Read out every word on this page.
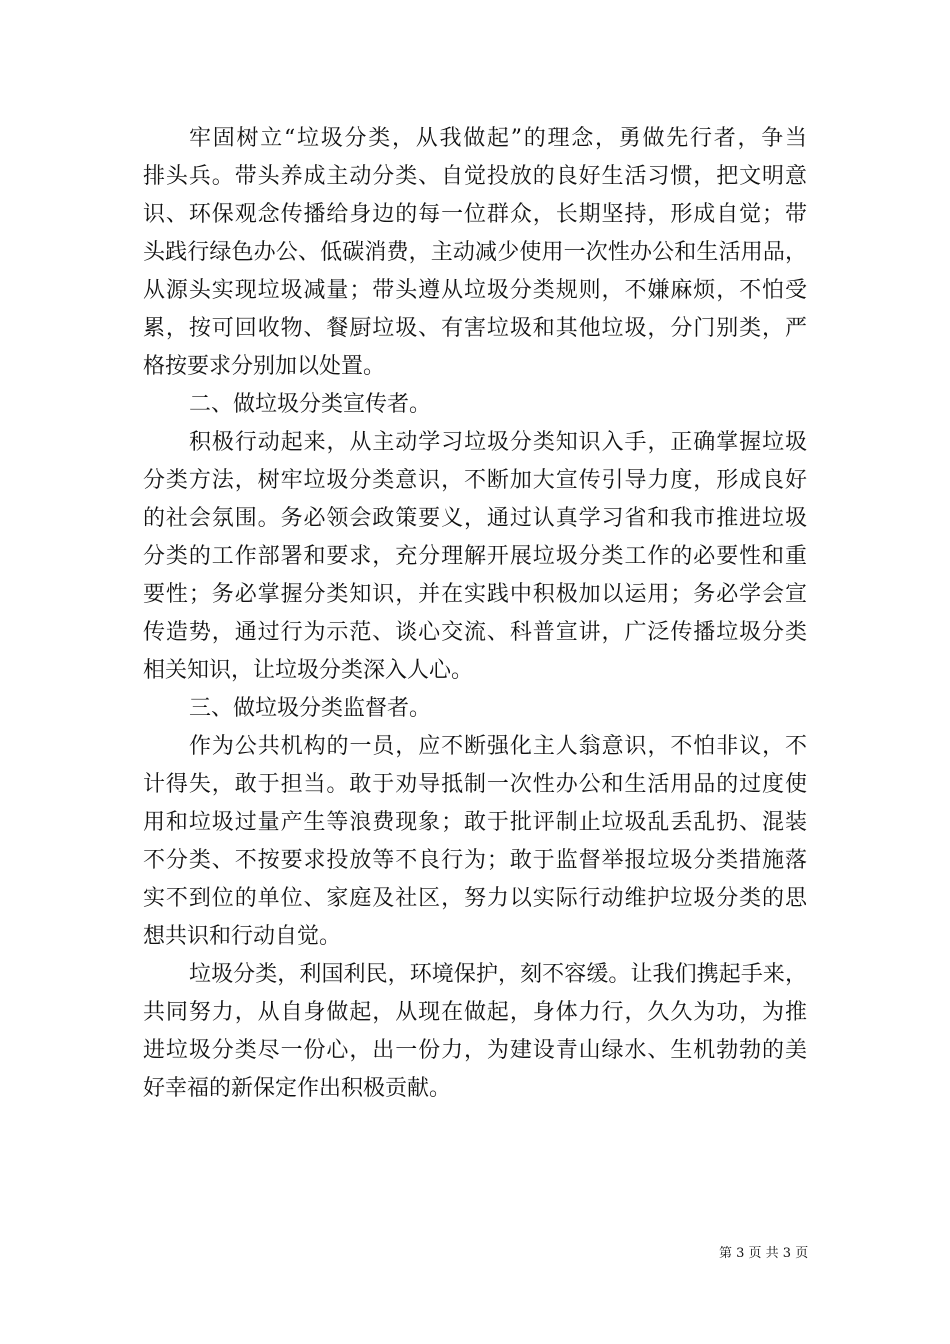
牢固树立“垃圾分类，从我做起”的理念，勇做先行者，争当
排头兵。带头养成主动分类、自觉投放的良好生活习惯，把文明意
识、环保观念传播给身边的每一位群众，长期坚持，形成自觉；带
头践行绿色办公、低碳消费，主动减少使用一次性办公和生活用品，
从源头实现垃圾减量；带头遵从垃圾分类规则，不嫌麻烦，不怕受
累，按可回收物、餐厨垃圾、有害垃圾和其他垃圾，分门别类，严
格按要求分别加以处置。
二、做垃圾分类宣传者。
积极行动起来，从主动学习垃圾分类知识入手，正确掌握垃圾
分类方法，树牢垃圾分类意识，不断加大宣传引导力度，形成良好
的社会氛围。务必领会政策要义，通过认真学习省和我市推进垃圾
分类的工作部署和要求，充分理解开展垃圾分类工作的必要性和重
要性；务必掌握分类知识，并在实践中积极加以运用；务必学会宣
传造势，通过行为示范、谈心交流、科普宣讲，广泛传播垃圾分类
相关知识，让垃圾分类深入人心。
三、做垃圾分类监督者。
作为公共机构的一员，应不断强化主人翁意识，不怕非议，不
计得失，敢于担当。敢于劝导抵制一次性办公和生活用品的过度使
用和垃圾过量产生等浪费现象；敢于批评制止垃圾乱丢乱扔、混装
不分类、不按要求投放等不良行为；敢于监督举报垃圾分类措施落
实不到位的单位、家庭及社区，努力以实际行动维护垃圾分类的思
想共识和行动自觉。
垃圾分类，利国利民，环境保护，刻不容缓。让我们携起手来，
共同努力，从自身做起，从现在做起，身体力行，久久为功，为推
进垃圾分类尽一份心，出一份力，为建设青山绿水、生机勃勃的美
好幸福的新保定作出积极贡献。
第 3 页 共 3 页
